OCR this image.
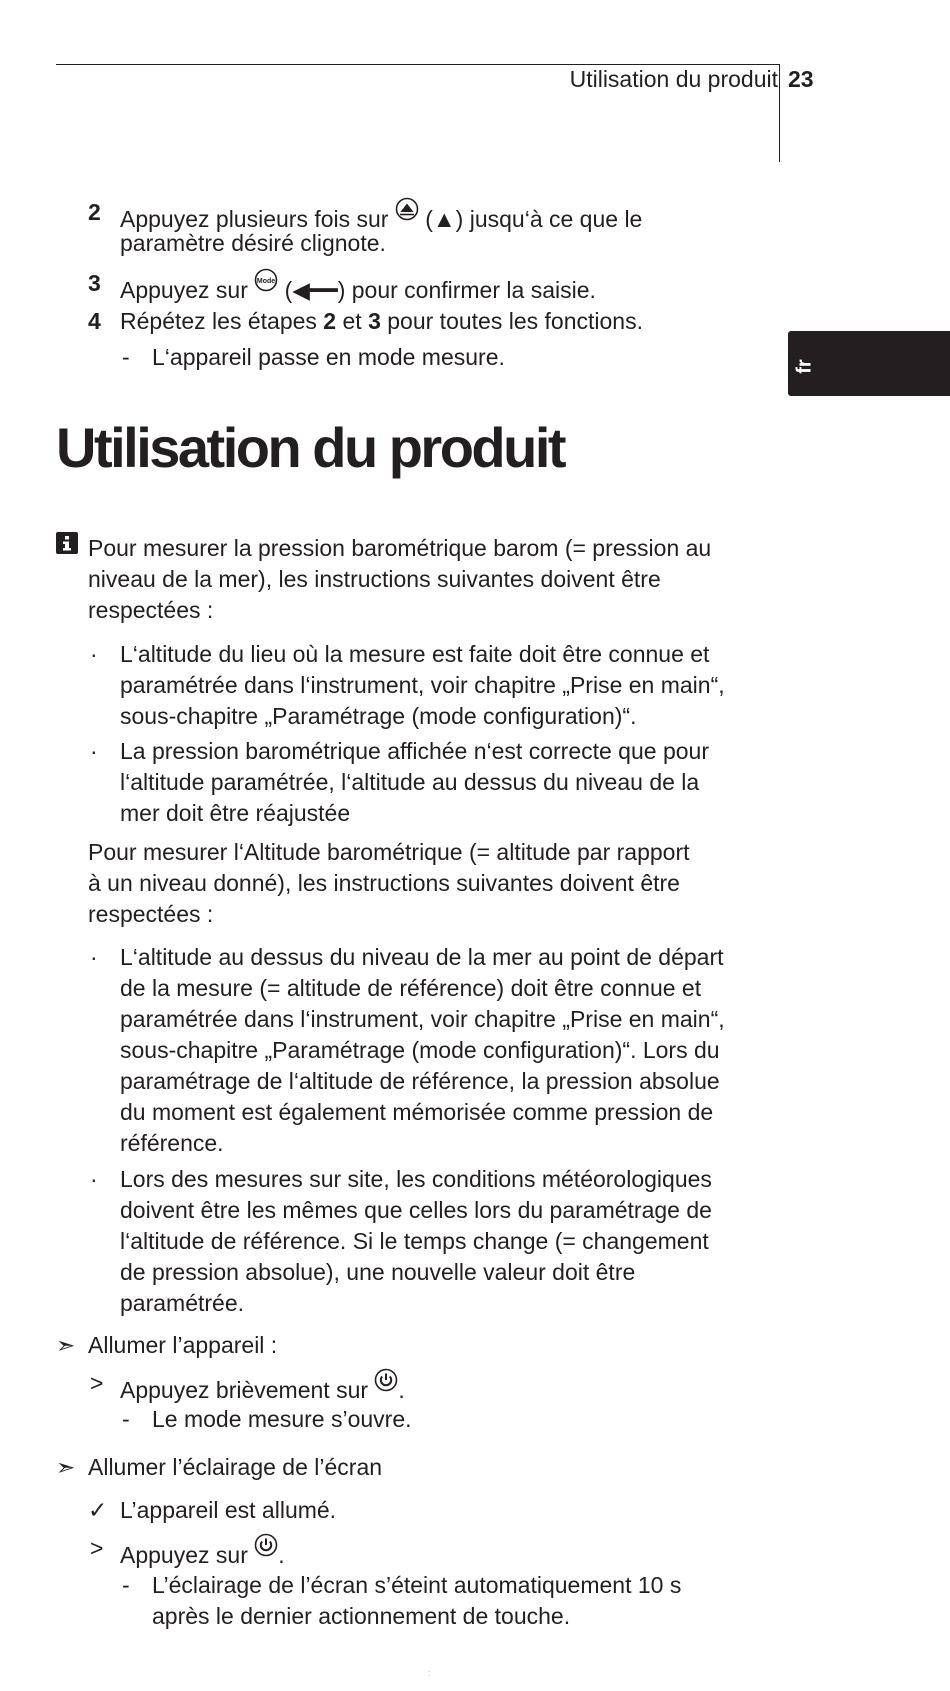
Utilisation du produit 23
fr
2 Appuyez plusieurs fois sur (▲) jusqu‘à ce que le
paramètre désiré clignote.
3 Appuyez sur Mode (◀━━) pour confirmer la saisie.
4 Répétez les étapes 2 et 3 pour toutes les fonctions.
- L‘appareil passe en mode mesure.
Utilisation du produit
Pour mesurer la pression barométrique barom (= pression au
niveau de la mer), les instructions suivantes doivent être
respectées :
· L‘altitude du lieu où la mesure est faite doit être connue et
paramétrée dans l‘instrument, voir chapitre „Prise en main“,
sous-chapitre „Paramétrage (mode configuration)“.
· La pression barométrique affichée n‘est correcte que pour
l‘altitude paramétrée, l‘altitude au dessus du niveau de la
mer doit être réajustée
Pour mesurer l‘Altitude barométrique (= altitude par rapport
à un niveau donné), les instructions suivantes doivent être
respectées :
· L‘altitude au dessus du niveau de la mer au point de départ
de la mesure (= altitude de référence) doit être connue et
paramétrée dans l‘instrument, voir chapitre „Prise en main“,
sous-chapitre „Paramétrage (mode configuration)“. Lors du
paramétrage de l‘altitude de référence, la pression absolue
du moment est également mémorisée comme pression de
référence.
· Lors des mesures sur site, les conditions météorologiques
doivent être les mêmes que celles lors du paramétrage de
l‘altitude de référence. Si le temps change (= changement
de pression absolue), une nouvelle valeur doit être
paramétrée.
➣ Allumer l’appareil :
> Appuyez brièvement sur .
- Le mode mesure s’ouvre.
➣ Allumer l’éclairage de l’écran
✓ L’appareil est allumé.
> Appuyez sur .
- L’éclairage de l’écran s’éteint automatiquement 10 s
après le dernier actionnement de touche.
:
